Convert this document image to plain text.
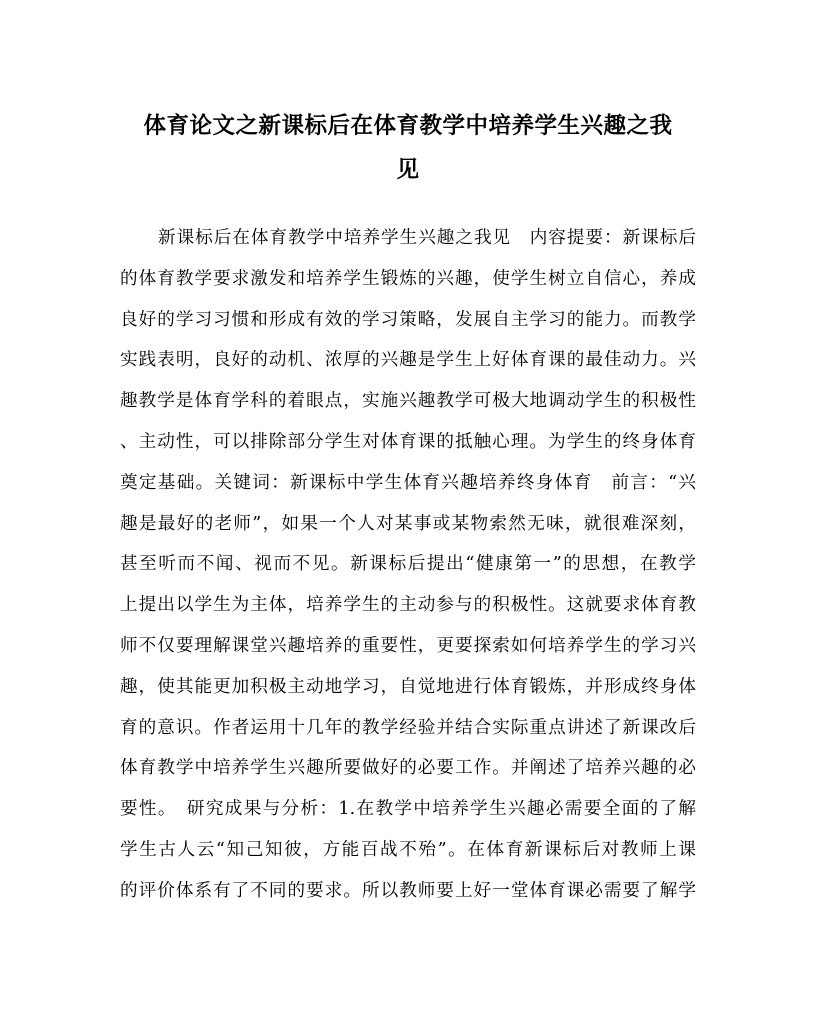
体育论文之新课标后在体育教学中培养学生兴趣之我
见
新课标后在体育教学中培养学生兴趣之我见　内容提要：新课标后
的体育教学要求激发和培养学生锻炼的兴趣，使学生树立自信心，养成
良好的学习习惯和形成有效的学习策略，发展自主学习的能力。而教学
实践表明，良好的动机、浓厚的兴趣是学生上好体育课的最佳动力。兴
趣教学是体育学科的着眼点，实施兴趣教学可极大地调动学生的积极性
、主动性，可以排除部分学生对体育课的抵触心理。为学生的终身体育
奠定基础。关键词：新课标中学生体育兴趣培养终身体育　前言：“兴
趣是最好的老师”，如果一个人对某事或某物索然无味，就很难深刻，
甚至听而不闻、视而不见。新课标后提出“健康第一”的思想，在教学
上提出以学生为主体，培养学生的主动参与的积极性。这就要求体育教
师不仅要理解课堂兴趣培养的重要性，更要探索如何培养学生的学习兴
趣，使其能更加积极主动地学习，自觉地进行体育锻炼，并形成终身体
育的意识。作者运用十几年的教学经验并结合实际重点讲述了新课改后
体育教学中培养学生兴趣所要做好的必要工作。并阐述了培养兴趣的必
要性。　研究成果与分析：1.在教学中培养学生兴趣必需要全面的了解
学生古人云“知己知彼，方能百战不殆”。在体育新课标后对教师上课
的评价体系有了不同的要求。所以教师要上好一堂体育课必需要了解学
